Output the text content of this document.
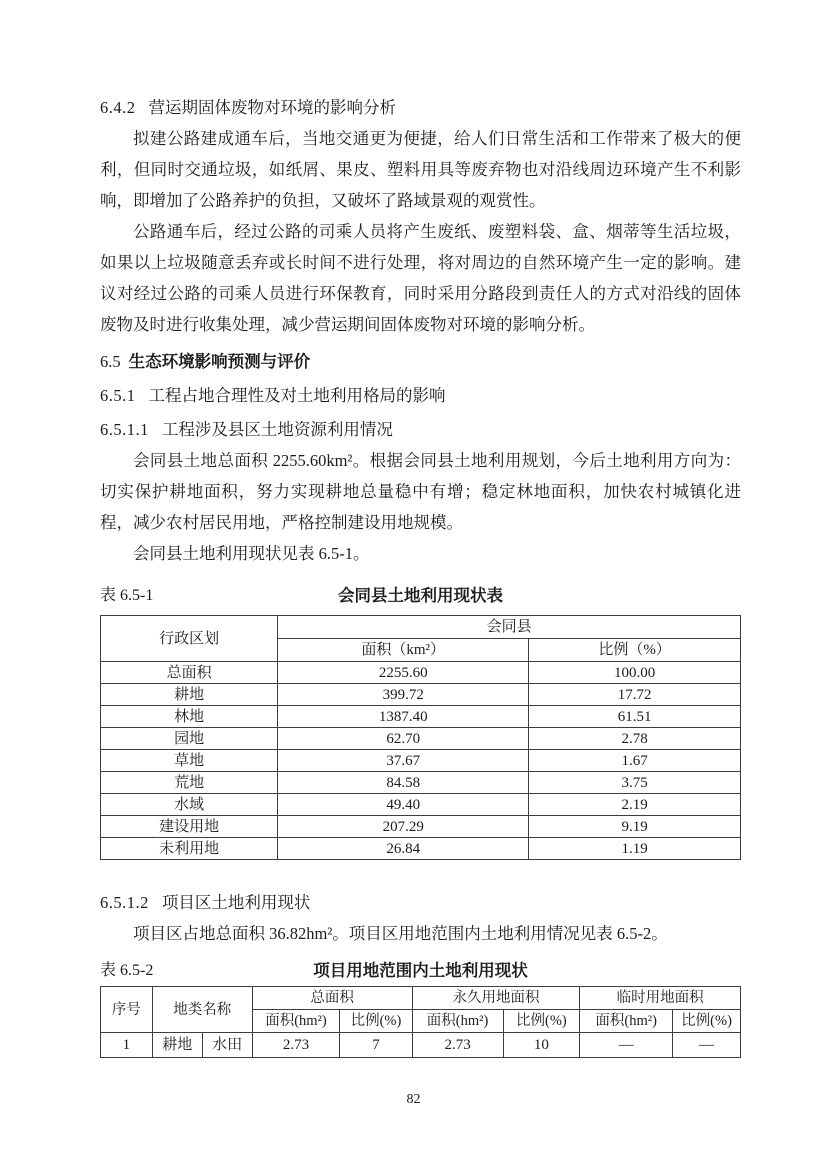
6.4.2 营运期固体废物对环境的影响分析

拟建公路建成通车后，当地交通更为便捷，给人们日常生活和工作带来了极大的便利，但同时交通垃圾，如纸屑、果皮、塑料用具等废弃物也对沿线周边环境产生不利影响，即增加了公路养护的负担，又破坏了路域景观的观赏性。

公路通车后，经过公路的司乘人员将产生废纸、废塑料袋、盒、烟蒂等生活垃圾，如果以上垃圾随意丢弃或长时间不进行处理，将对周边的自然环境产生一定的影响。建议对经过公路的司乘人员进行环保教育，同时采用分路段到责任人的方式对沿线的固体废物及时进行收集处理，减少营运期间固体废物对环境的影响分析。

6.5 生态环境影响预测与评价
6.5.1 工程占地合理性及对土地利用格局的影响
6.5.1.1 工程涉及县区土地资源利用情况

会同县土地总面积 2255.60km²。根据会同县土地利用规划，今后土地利用方向为：切实保护耕地面积，努力实现耕地总量稳中有增；稳定林地面积，加快农村城镇化进程，减少农村居民用地，严格控制建设用地规模。

会同县土地利用现状见表 6.5-1。

表 6.5-1	会同县土地利用现状表
行政区划	会同县	
	面积（km²）	比例（%）
总面积	2255.60	100.00
耕地	399.72	17.72
林地	1387.40	61.51
园地	62.70	2.78
草地	37.67	1.67
荒地	84.58	3.75
水域	49.40	2.19
建设用地	207.29	9.19
未利用地	26.84	1.19
6.5.1.2 项目区土地利用现状

项目区占地总面积 36.82hm²。项目区用地范围内土地利用情况见表 6.5-2。

表 6.5-2	项目用地范围内土地利用现状
序号	地类名称		总面积		永久用地面积		临时用地面积	
			面积(hm²)	比例(%)	面积(hm²)	比例(%)	面积(hm²)	比例(%)
1	耕地	水田	2.73	7	2.73	10	—	—
82
